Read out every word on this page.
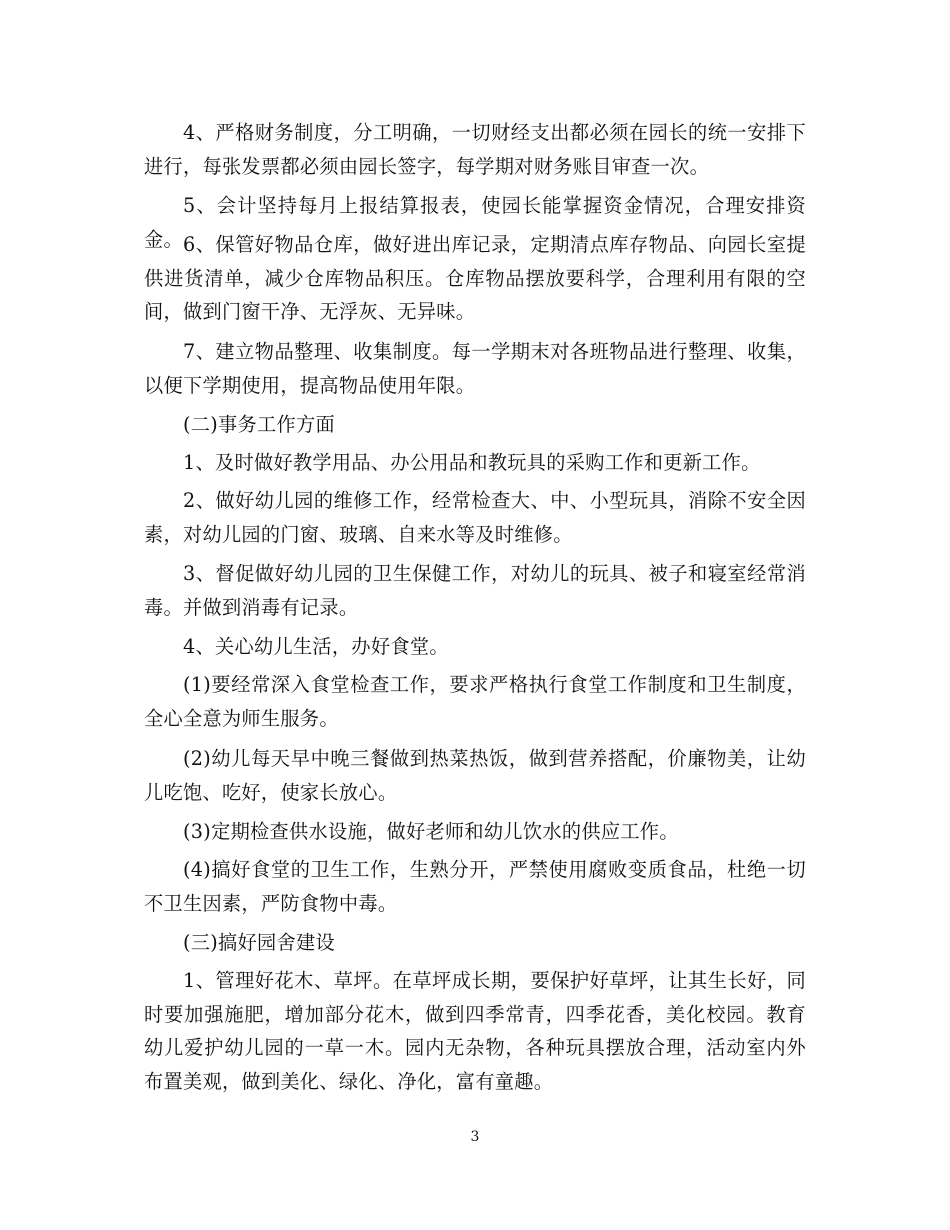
4、严格财务制度，分工明确，一切财经支出都必须在园长的统一安排下进行，每张发票都必须由园长签字，每学期对财务账目审查一次。

5、会计坚持每月上报结算报表，使园长能掌握资金情况，合理安排资金。 6、保管好物品仓库，做好进出库记录，定期清点库存物品、向园长室提供进货清单，减少仓库物品积压。仓库物品摆放要科学，合理利用有限的空间，做到门窗干净、无浮灰、无异味。

7、建立物品整理、收集制度。每一学期末对各班物品进行整理、收集，以便下学期使用，提高物品使用年限。

(二)事务工作方面

1、及时做好教学用品、办公用品和教玩具的采购工作和更新工作。

2、做好幼儿园的维修工作，经常检查大、中、小型玩具，消除不安全因素，对幼儿园的门窗、玻璃、自来水等及时维修。

3、督促做好幼儿园的卫生保健工作，对幼儿的玩具、被子和寝室经常消毒。并做到消毒有记录。

4、关心幼儿生活，办好食堂。

(1)要经常深入食堂检查工作，要求严格执行食堂工作制度和卫生制度，全心全意为师生服务。

(2)幼儿每天早中晚三餐做到热菜热饭，做到营养搭配，价廉物美，让幼儿吃饱、吃好，使家长放心。

(3)定期检查供水设施，做好老师和幼儿饮水的供应工作。

(4)搞好食堂的卫生工作，生熟分开，严禁使用腐败变质食品，杜绝一切不卫生因素，严防食物中毒。

(三)搞好园舍建设

1、管理好花木、草坪。在草坪成长期，要保护好草坪，让其生长好，同时要加强施肥，增加部分花木，做到四季常青，四季花香，美化校园。教育幼儿爱护幼儿园的一草一木。园内无杂物，各种玩具摆放合理，活动室内外布置美观，做到美化、绿化、净化，富有童趣。

3
